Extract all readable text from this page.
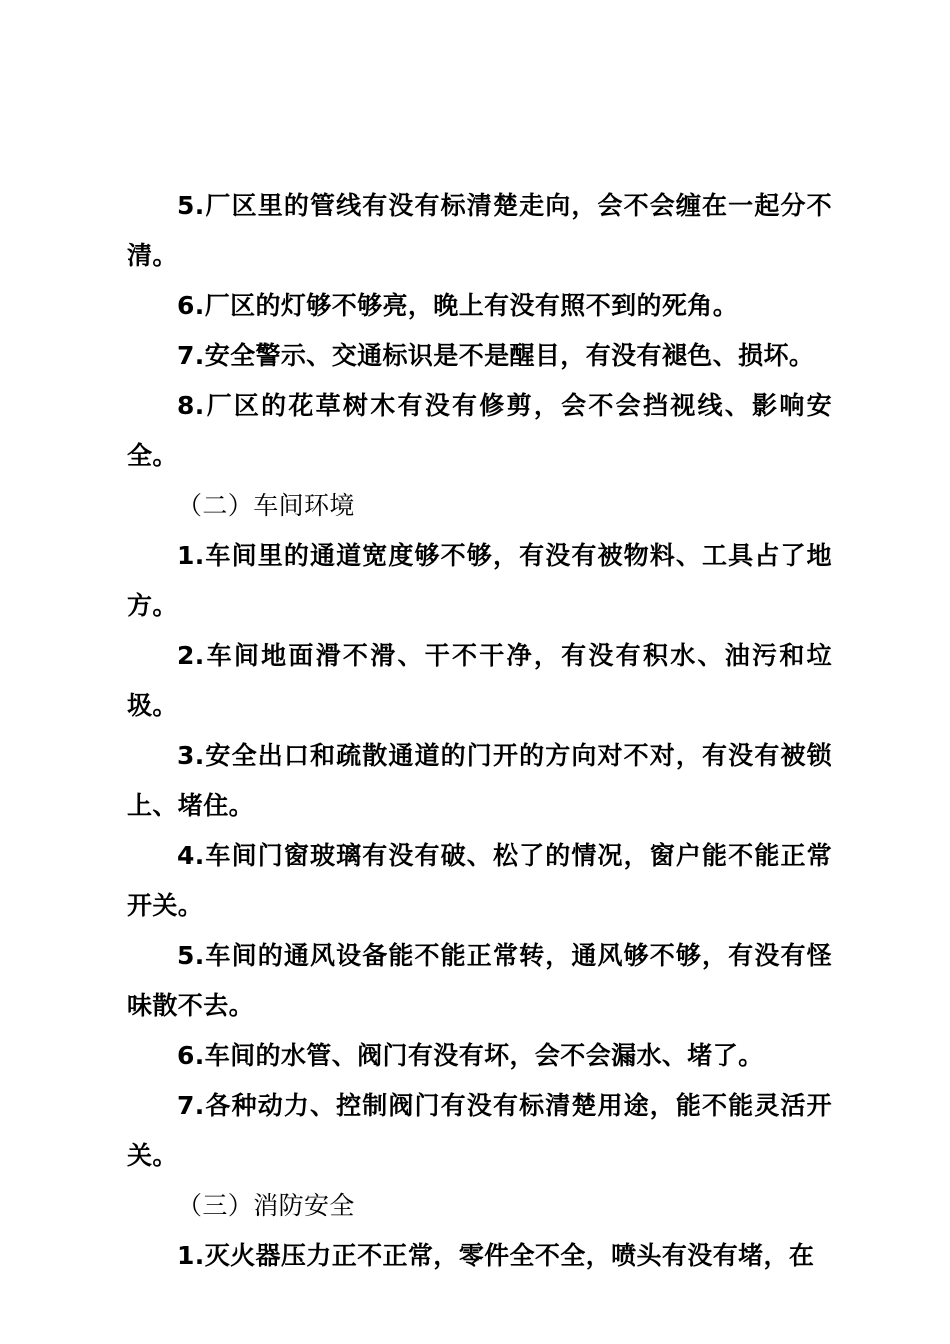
5.厂区里的管线有没有标清楚走向，会不会缠在一起分不清。

6.厂区的灯够不够亮，晚上有没有照不到的死角。

7.安全警示、交通标识是不是醒目，有没有褪色、损坏。

8.厂区的花草树木有没有修剪，会不会挡视线、影响安全。

（二）车间环境

1.车间里的通道宽度够不够，有没有被物料、工具占了地方。

2.车间地面滑不滑、干不干净，有没有积水、油污和垃圾。

3.安全出口和疏散通道的门开的方向对不对，有没有被锁上、堵住。

4.车间门窗玻璃有没有破、松了的情况，窗户能不能正常开关。

5.车间的通风设备能不能正常转，通风够不够，有没有怪味散不去。

6.车间的水管、阀门有没有坏，会不会漏水、堵了。

7.各种动力、控制阀门有没有标清楚用途，能不能灵活开关。

（三）消防安全

1.灭火器压力正不正常，零件全不全，喷头有没有堵，在
